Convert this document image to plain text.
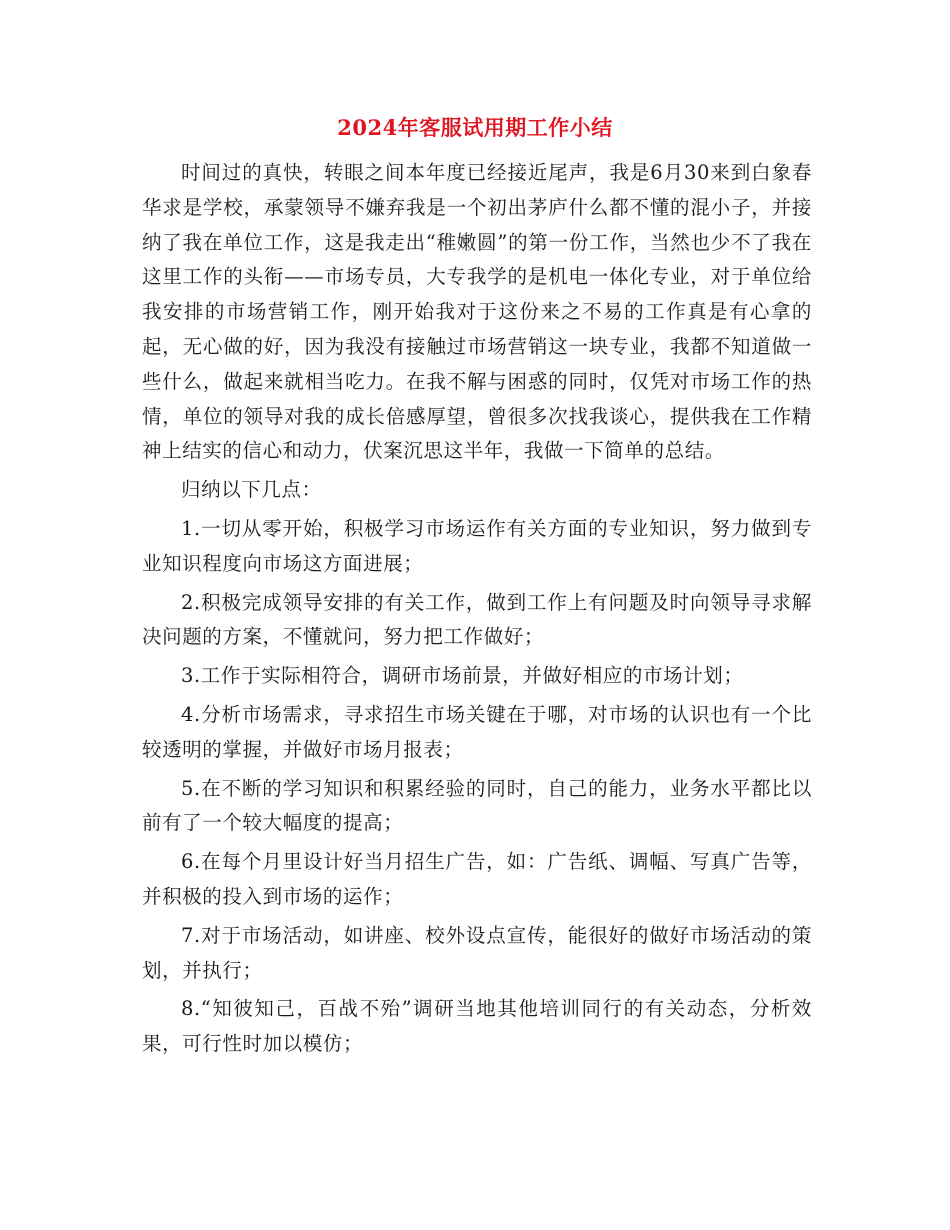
2024年客服试用期工作小结

时间过的真快，转眼之间本年度已经接近尾声，我是6月30来到白象春华求是学校，承蒙领导不嫌弃我是一个初出茅庐什么都不懂的混小子，并接纳了我在单位工作，这是我走出“稚嫩圆”的第一份工作，当然也少不了我在这里工作的头衔——市场专员，大专我学的是机电一体化专业，对于单位给我安排的市场营销工作，刚开始我对于这份来之不易的工作真是有心拿的起，无心做的好，因为我没有接触过市场营销这一块专业，我都不知道做一些什么，做起来就相当吃力。在我不解与困惑的同时，仅凭对市场工作的热情，单位的领导对我的成长倍感厚望，曾很多次找我谈心，提供我在工作精神上结实的信心和动力，伏案沉思这半年，我做一下简单的总结。

归纳以下几点：

1.一切从零开始，积极学习市场运作有关方面的专业知识，努力做到专业知识程度向市场这方面进展；

2.积极完成领导安排的有关工作，做到工作上有问题及时向领导寻求解决问题的方案，不懂就问，努力把工作做好；

3.工作于实际相符合，调研市场前景，并做好相应的市场计划；

4.分析市场需求，寻求招生市场关键在于哪，对市场的认识也有一个比较透明的掌握，并做好市场月报表；

5.在不断的学习知识和积累经验的同时，自己的能力，业务水平都比以前有了一个较大幅度的提高；

6.在每个月里设计好当月招生广告，如：广告纸、调幅、写真广告等，并积极的投入到市场的运作；

7.对于市场活动，如讲座、校外设点宣传，能很好的做好市场活动的策划，并执行；

8.“知彼知己，百战不殆”调研当地其他培训同行的有关动态，分析效果，可行性时加以模仿；
